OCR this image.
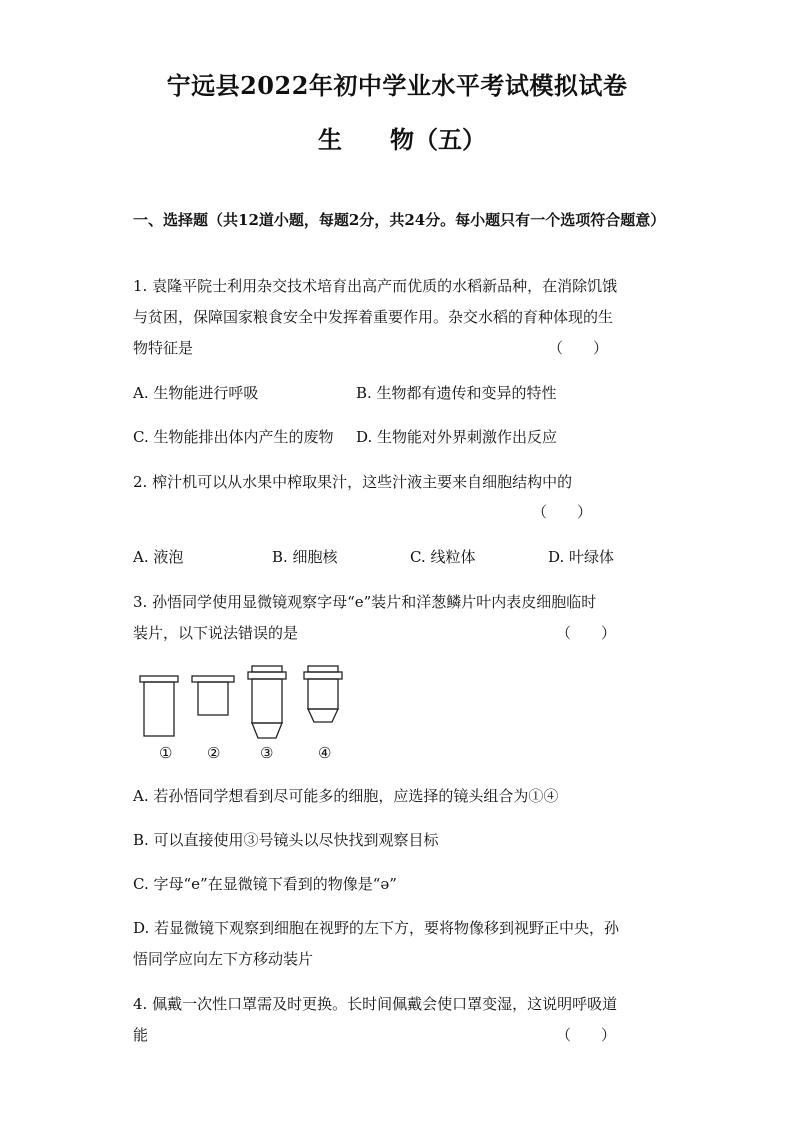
宁远县2022年初中学业水平考试模拟试卷
生　　物（五）
一、选择题（共12道小题，每题2分，共24分。每小题只有一个选项符合题意）
1. 袁隆平院士利用杂交技术培育出高产而优质的水稻新品种，在消除饥饿
与贫困，保障国家粮食安全中发挥着重要作用。杂交水稻的育种体现的生
物特征是	（　　）
A. 生物能进行呼吸	B. 生物都有遗传和变异的特性
C. 生物能排出体内产生的废物 D. 生物能对外界刺激作出反应
2. 榨汁机可以从水果中榨取果汁，这些汁液主要来自细胞结构中的
（　　）
A. 液泡	B. 细胞核	C. 线粒体	D. 叶绿体
3. 孙悟同学使用显微镜观察字母“e”装片和洋葱鳞片叶内表皮细胞临时
装片，以下说法错误的是	（　　）
① ②	③	④
A. 若孙悟同学想看到尽可能多的细胞，应选择的镜头组合为①④
B. 可以直接使用③号镜头以尽快找到观察目标
C. 字母“e”在显微镜下看到的物像是“ə”
D. 若显微镜下观察到细胞在视野的左下方，要将物像移到视野正中央，孙
悟同学应向左下方移动装片
4. 佩戴一次性口罩需及时更换。长时间佩戴会使口罩变湿，这说明呼吸道
能	（　　）
